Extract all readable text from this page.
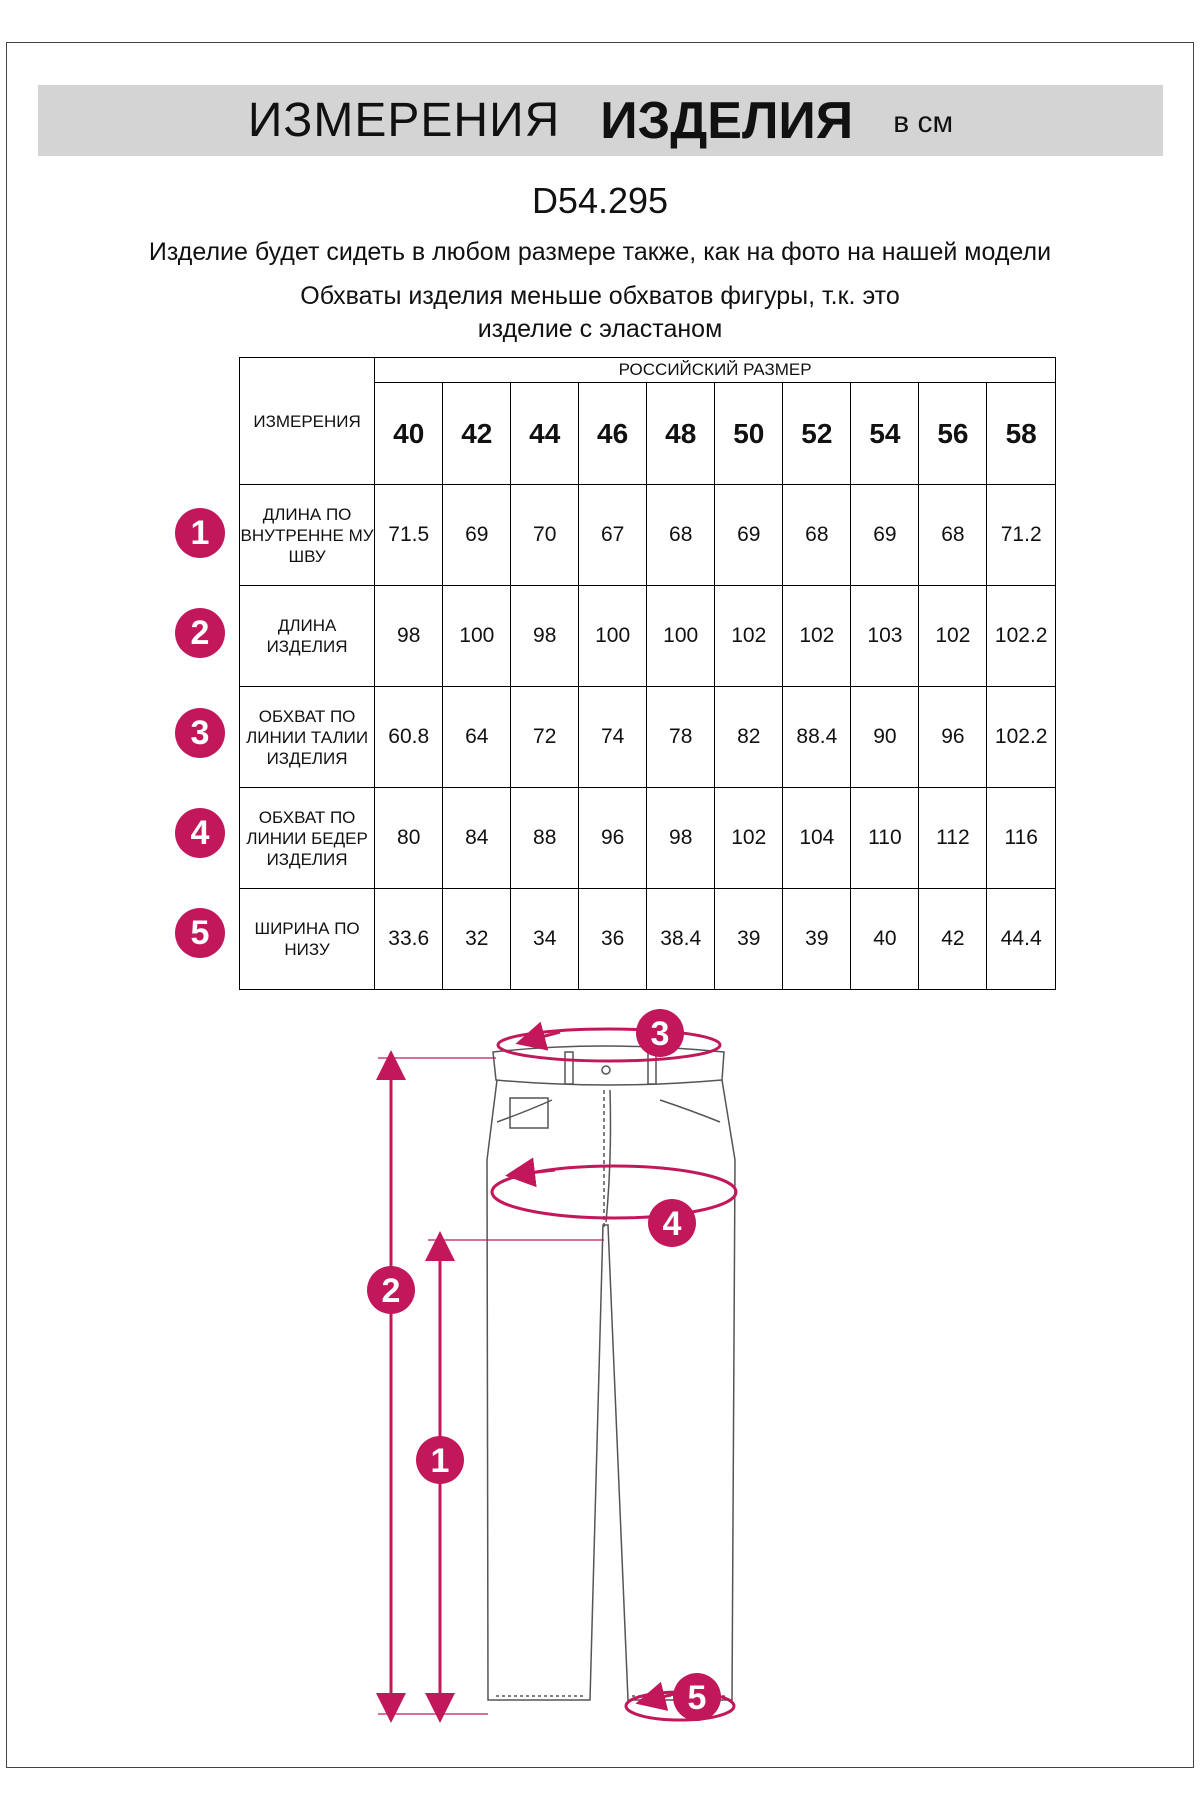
ИЗМЕРЕНИЯ ИЗДЕЛИЯ в см
D54.295
Изделие будет сидеть в любом размере также, как на фото на нашей модели
Обхваты изделия меньше обхватов фигуры, т.к. это изделие с эластаном
ИЗМЕРЕНИЯ	РОССИЙСКИЙ РАЗМЕР									
	40	42	44	46	48	50	52	54	56	58
ДЛИНА ПО ВНУТРЕННЕ МУ ШВУ	71.5	69	70	67	68	69	68	69	68	71.2
ДЛИНА ИЗДЕЛИЯ	98	100	98	100	100	102	102	103	102	102.2
ОБХВАТ ПО ЛИНИИ ТАЛИИ ИЗДЕЛИЯ	60.8	64	72	74	78	82	88.4	90	96	102.2
ОБХВАТ ПО ЛИНИИ БЕДЕР ИЗДЕЛИЯ	80	84	88	96	98	102	104	110	112	116
ШИРИНА ПО НИЗУ	33.6	32	34	36	38.4	39	39	40	42	44.4
1
2
3
4
5
3
4
2
1
5
